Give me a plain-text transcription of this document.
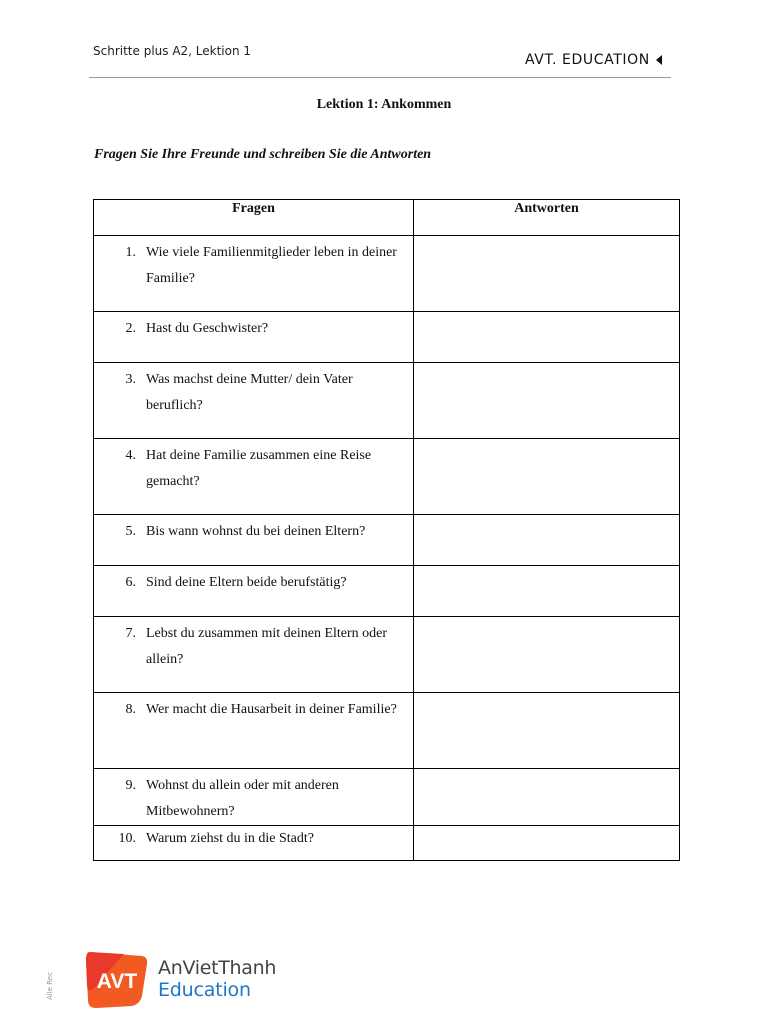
Schritte plus A2, Lektion 1
AVT. EDUCATION
Lektion 1: Ankommen
Fragen Sie Ihre Freunde und schreiben Sie die Antworten
Fragen	Antworten

1. Wie viele Familienmitglieder leben in deiner Familie?	

2. Hast du Geschwister?	

3. Was machst deine Mutter/ dein Vater beruflich?	

4. Hat deine Familie zusammen eine Reise gemacht?	

5. Bis wann wohnst du bei deinen Eltern?	

6. Sind deine Eltern beide berufstätig?	

7. Lebst du zusammen mit deinen Eltern oder allein?	

8. Wer macht die Hausarbeit in deiner Familie?	

9. Wohnst du allein oder mit anderen Mitbewohnern?	

10. Warum ziehst du in die Stadt?	

AVT
AnVietThanh
Education
Alle Rec
